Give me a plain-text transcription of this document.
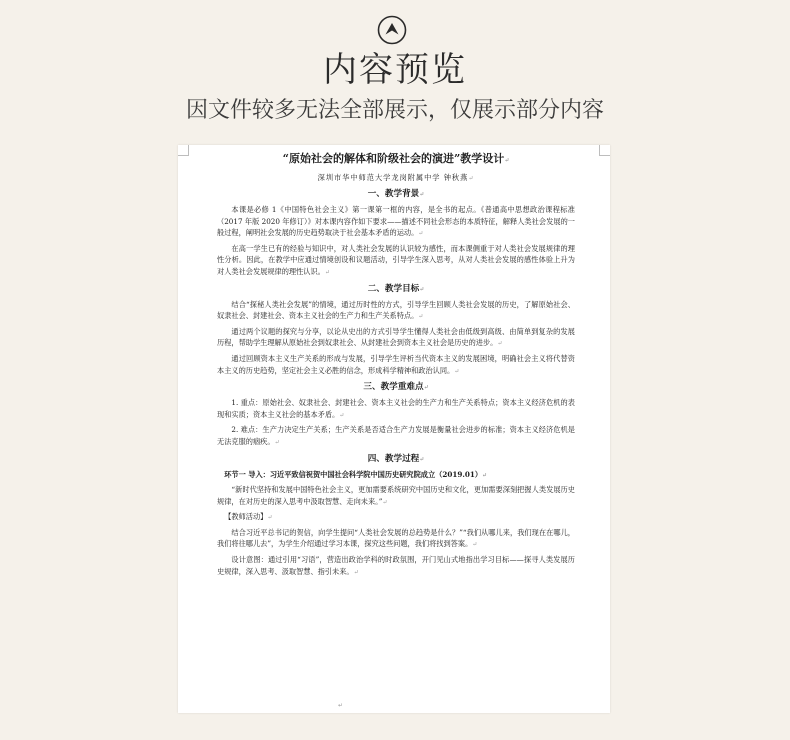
内容预览
因文件较多无法全部展示，仅展示部分内容
“原始社会的解体和阶级社会的演进”教学设计↵
深圳市华中师范大学龙岗附属中学 钟秋燕↵
一、教学背景↵
本课是必修 1《中国特色社会主义》第一课第一框的内容，是全书的起点。《普通高中思想政治课程标准（2017 年版 2020 年修订）》对本课内容作如下要求——描述不同社会形态的本质特征，解释人类社会发展的一般过程，阐明社会发展的历史趋势取决于社会基本矛盾的运动。↵
在高一学生已有的经验与知识中，对人类社会发展的认识较为感性，而本课侧重于对人类社会发展规律的理性分析。因此，在教学中应通过情境创设和议题活动，引导学生深入思考，从对人类社会发展的感性体验上升为对人类社会发展规律的理性认识。↵
二、教学目标↵
结合“探秘人类社会发展”的情境，通过历时性的方式，引导学生回顾人类社会发展的历史，了解原始社会、奴隶社会、封建社会、资本主义社会的生产力和生产关系特点。↵
通过两个议题的探究与分享，以论从史出的方式引导学生懂得人类社会由低级到高级、由简单到复杂的发展历程，帮助学生理解从原始社会到奴隶社会、从封建社会到资本主义社会是历史的进步。↵
通过回顾资本主义生产关系的形成与发展，引导学生评析当代资本主义的发展困境，明确社会主义将代替资本主义的历史趋势，坚定社会主义必胜的信念，形成科学精神和政治认同。↵
三、教学重难点↵
1. 重点：原始社会、奴隶社会、封建社会、资本主义社会的生产力和生产关系特点；资本主义经济危机的表现和实质；资本主义社会的基本矛盾。↵
2. 难点：生产力决定生产关系；生产关系是否适合生产力发展是衡量社会进步的标准；资本主义经济危机是无法克服的痼疾。↵
四、教学过程↵
环节一 导入：习近平致信祝贺中国社会科学院中国历史研究院成立（2019.01）↵
“新时代坚持和发展中国特色社会主义，更加需要系统研究中国历史和文化，更加需要深刻把握人类发展历史规律，在对历史的深入思考中汲取智慧、走向未来。”↵
【教师活动】↵
结合习近平总书记的贺信，向学生提问“人类社会发展的总趋势是什么？”“我们从哪儿来，我们现在在哪儿，我们将往哪儿去”，为学生介绍通过学习本课，探究这些问题，我们将找到答案。↵
设计意图：通过引用“习语”，营造出政治学科的时政氛围，开门见山式地指出学习目标——探寻人类发展历史规律，深入思考、汲取智慧、指引未来。↵
↵
